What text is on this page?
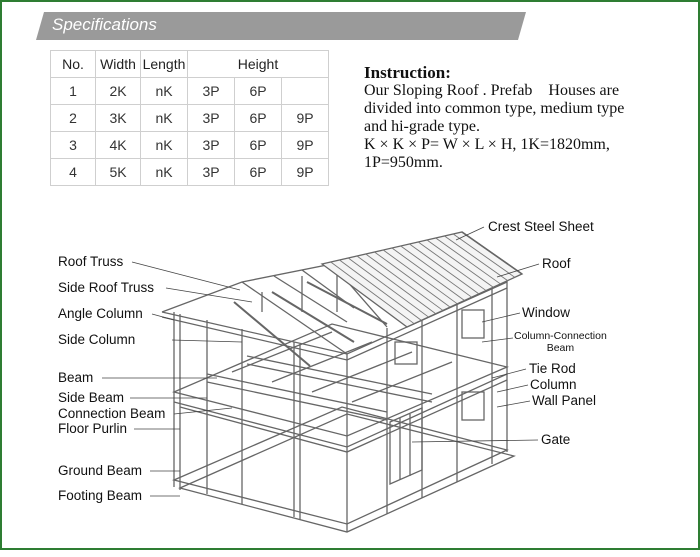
Specifications
No.	Width	Length	Height		
1	2K	nK	3P	6P	
2	3K	nK	3P	6P	9P
3	4K	nK	3P	6P	9P
4	5K	nK	3P	6P	9P
Instruction:
Our Sloping Roof . Prefab    Houses are
divided into common type, medium type
and hi-grade type.
K × K × P= W × L × H, 1K=1820mm,
1P=950mm.
Roof Truss
Side Roof Truss
Angle Column
Side Column
Beam
Side Beam
Connection Beam
Floor Purlin
Ground Beam
Footing Beam
Crest Steel Sheet
Roof
Window
Column-Connection
Beam
Tie Rod
Column
Wall Panel
Gate
